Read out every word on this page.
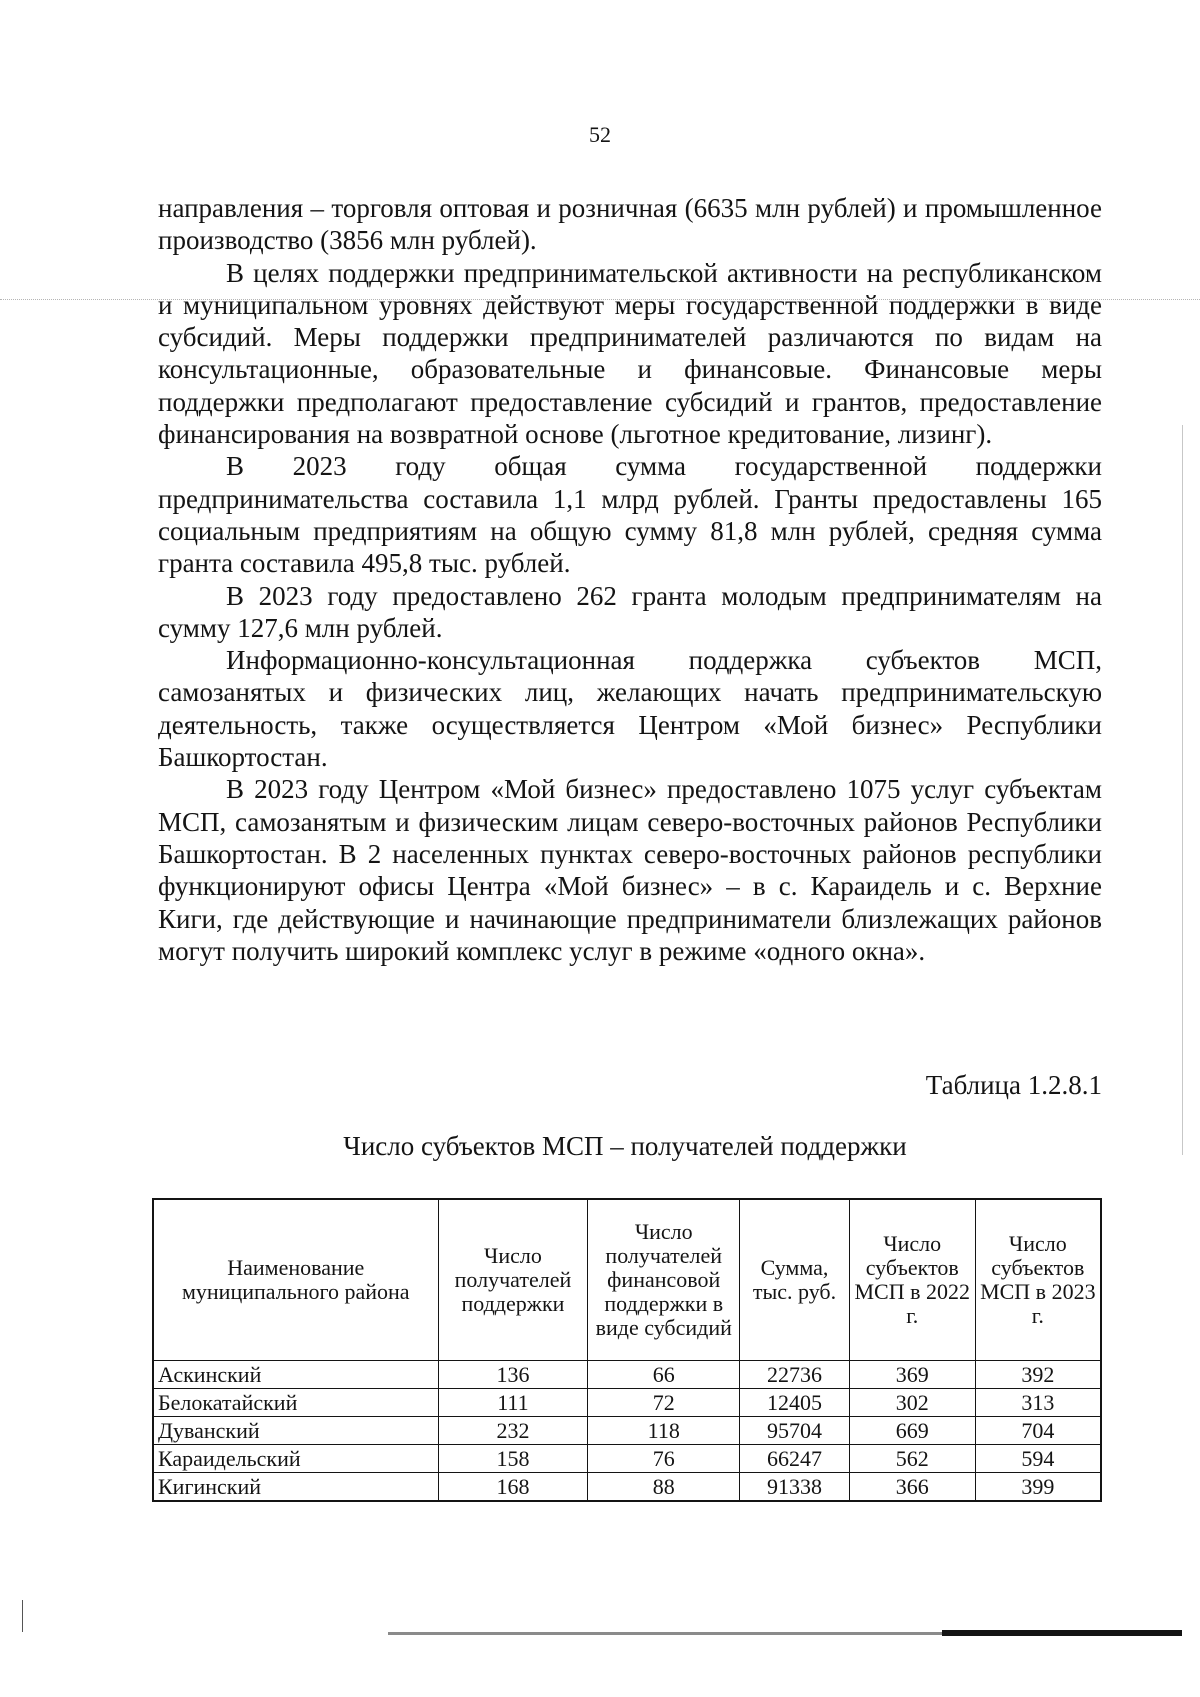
52

направления – торговля оптовая и розничная (6635 млн рублей) и промышленное производство (3856 млн рублей).

В целях поддержки предпринимательской активности на республиканском и муниципальном уровнях действуют меры государственной поддержки в виде субсидий. Меры поддержки предпринимателей различаются по видам на консультационные, образовательные и финансовые. Финансовые меры поддержки предполагают предоставление субсидий и грантов, предоставление финансирования на возвратной основе (льготное кредитование, лизинг).

В 2023 году общая сумма государственной поддержки предпринимательства составила 1,1 млрд рублей. Гранты предоставлены 165 социальным предприятиям на общую сумму 81,8 млн рублей, средняя сумма гранта составила 495,8 тыс. рублей.

В 2023 году предоставлено 262 гранта молодым предпринимателям на сумму 127,6 млн рублей.

Информационно-консультационная поддержка субъектов МСП, самозанятых и физических лиц, желающих начать предпринимательскую деятельность, также осуществляется Центром «Мой бизнес» Республики Башкортостан.

В 2023 году Центром «Мой бизнес» предоставлено 1075 услуг субъектам МСП, самозанятым и физическим лицам северо-восточных районов Республики Башкортостан. В 2 населенных пунктах северо-восточных районов республики функционируют офисы Центра «Мой бизнес» – в с. Караидель и с. Верхние Киги, где действующие и начинающие предприниматели близлежащих районов могут получить широкий комплекс услуг в режиме «одного окна».

Таблица 1.2.8.1
Число субъектов МСП – получателей поддержки
Наименование муниципального района	Число получателей поддержки	Число получателей финансовой поддержки в виде субсидий	Сумма, тыс. руб.	Число субъектов МСП в 2022 г.	Число субъектов МСП в 2023 г.
Аскинский	136	66	22736	369	392
Белокатайский	111	72	12405	302	313
Дуванский	232	118	95704	669	704
Караидельский	158	76	66247	562	594
Кигинский	168	88	91338	366	399
